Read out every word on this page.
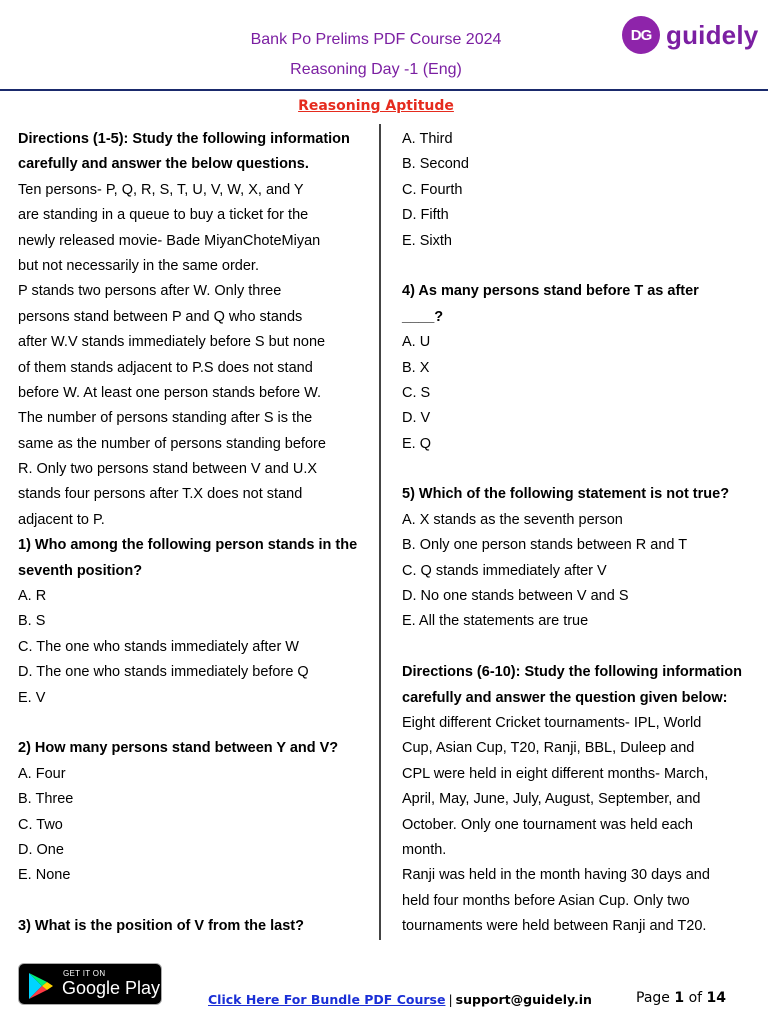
Bank Po Prelims PDF Course 2024
Reasoning Day -1 (Eng)
DG guidely
Reasoning Aptitude
Directions (1-5): Study the following information
carefully and answer the below questions.
Ten persons- P, Q, R, S, T, U, V, W, X, and Y
are standing in a queue to buy a ticket for the
newly released movie- Bade MiyanChoteMiyan
but not necessarily in the same order.
P stands two persons after W. Only three
persons stand between P and Q who stands
after W.V stands immediately before S but none
of them stands adjacent to P.S does not stand
before W. At least one person stands before W.
The number of persons standing after S is the
same as the number of persons standing before
R. Only two persons stand between V and U.X
stands four persons after T.X does not stand
adjacent to P.
1) Who among the following person stands in the
seventh position?
A. R
B. S
C. The one who stands immediately after W
D. The one who stands immediately before Q
E. V
2) How many persons stand between Y and V?
A. Four
B. Three
C. Two
D. One
E. None
3) What is the position of V from the last?
A. Third
B. Second
C. Fourth
D. Fifth
E. Sixth
4) As many persons stand before T as after
____?
A. U
B. X
C. S
D. V
E. Q
5) Which of the following statement is not true?
A. X stands as the seventh person
B. Only one person stands between R and T
C. Q stands immediately after V
D. No one stands between V and S
E. All the statements are true
Directions (6-10): Study the following information
carefully and answer the question given below:
Eight different Cricket tournaments- IPL, World
Cup, Asian Cup, T20, Ranji, BBL, Duleep and
CPL were held in eight different months- March,
April, May, June, July, August, September, and
October. Only one tournament was held each
month.
Ranji was held in the month having 30 days and
held four months before Asian Cup. Only two
tournaments were held between Ranji and T20.
GET IT ON
Google Play
Click Here For Bundle PDF Course | support@guidely.in	Page 1 of 14
